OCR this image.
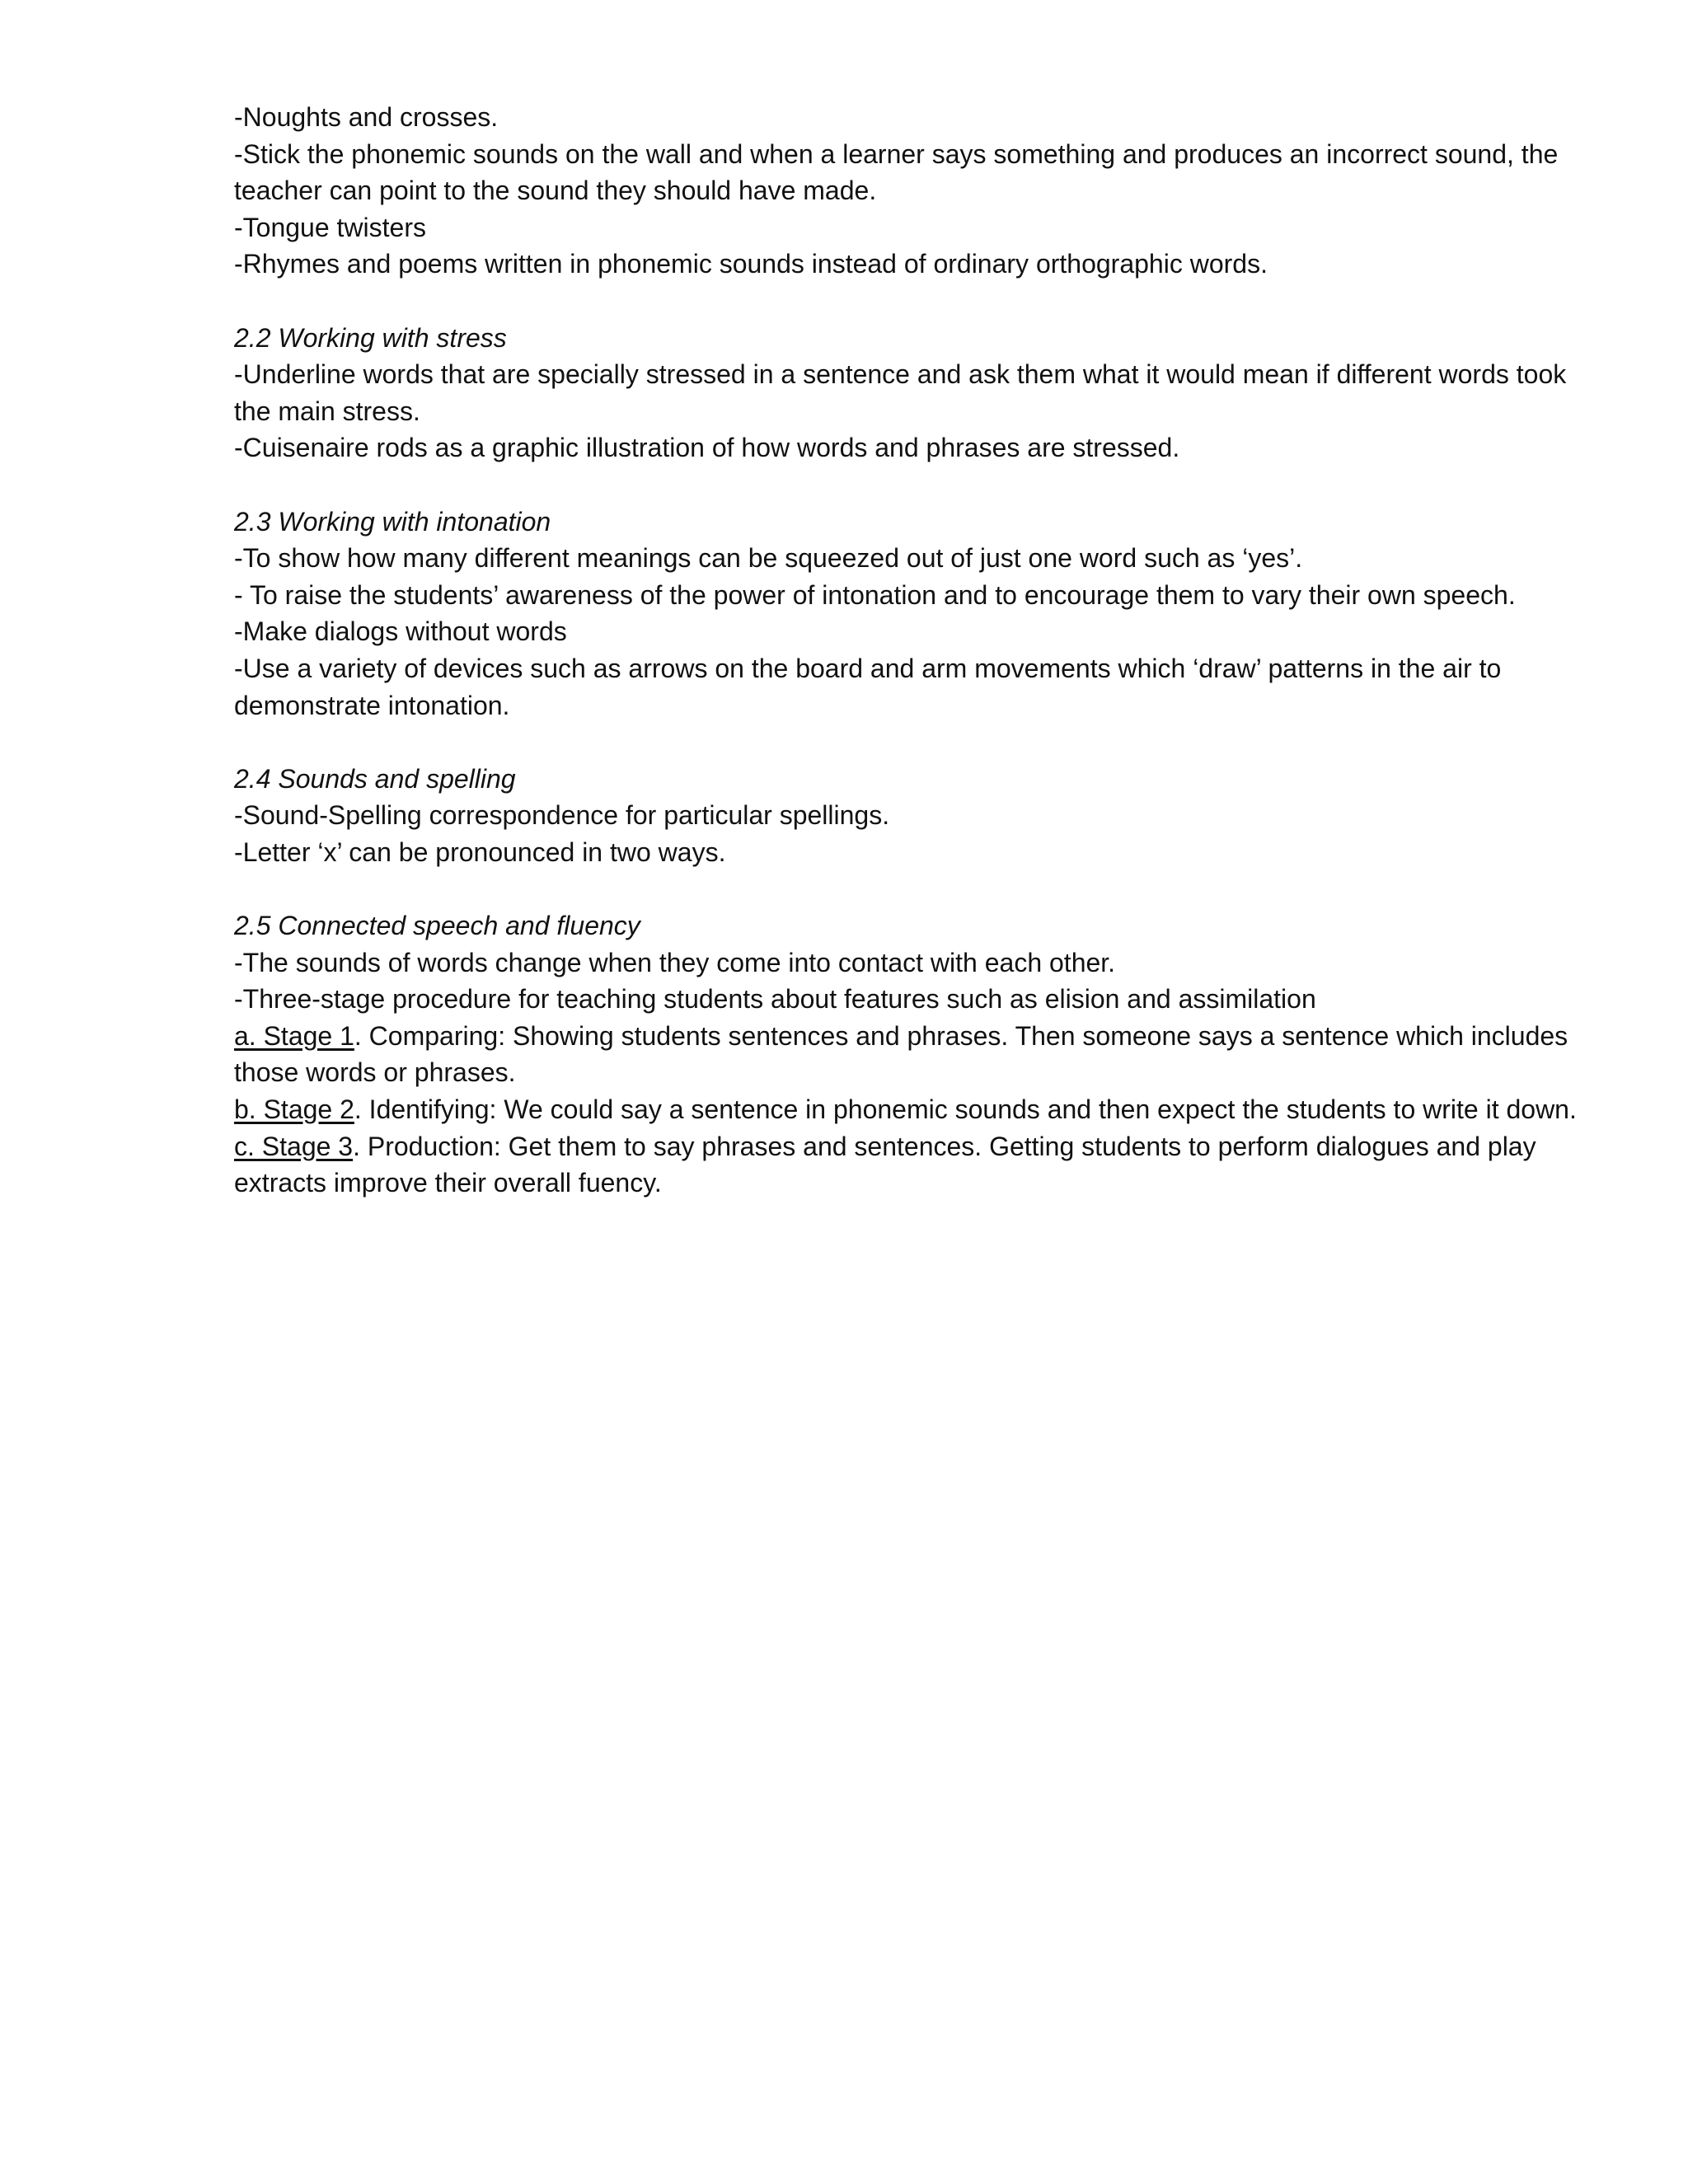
-Noughts and crosses.

-Stick the phonemic sounds on the wall and when a learner says something and produces an incorrect sound, the teacher can point to the sound they should have made.

-Tongue twisters

-Rhymes and poems written in phonemic sounds instead of ordinary orthographic words.

2.2 Working with stress

-Underline words that are specially stressed in a sentence and ask them what it would mean if different words took the main stress.

-Cuisenaire rods as a graphic illustration of how words and phrases are stressed.

2.3 Working with intonation

-To show how many different meanings can be squeezed out of just one word such as ‘yes’.

- To raise the students’ awareness of the power of intonation and to encourage them to vary their own speech.

-Make dialogs without words

-Use a variety of devices such as arrows on the board and arm movements which ‘draw’ patterns in the air to demonstrate intonation.

2.4 Sounds and spelling

-Sound-Spelling correspondence for particular spellings.

-Letter ‘x’ can be pronounced in two ways.

2.5 Connected speech and fluency

-The sounds of words change when they come into contact with each other.

-Three-stage procedure for teaching students about features such as elision and assimilation

a. Stage 1. Comparing: Showing students sentences and phrases. Then someone says a sentence which includes those words or phrases.

b. Stage 2. Identifying: We could say a sentence in phonemic sounds and then expect the students to write it down.

c. Stage 3. Production: Get them to say phrases and sentences. Getting students to perform dialogues and play extracts improve their overall fuency.
